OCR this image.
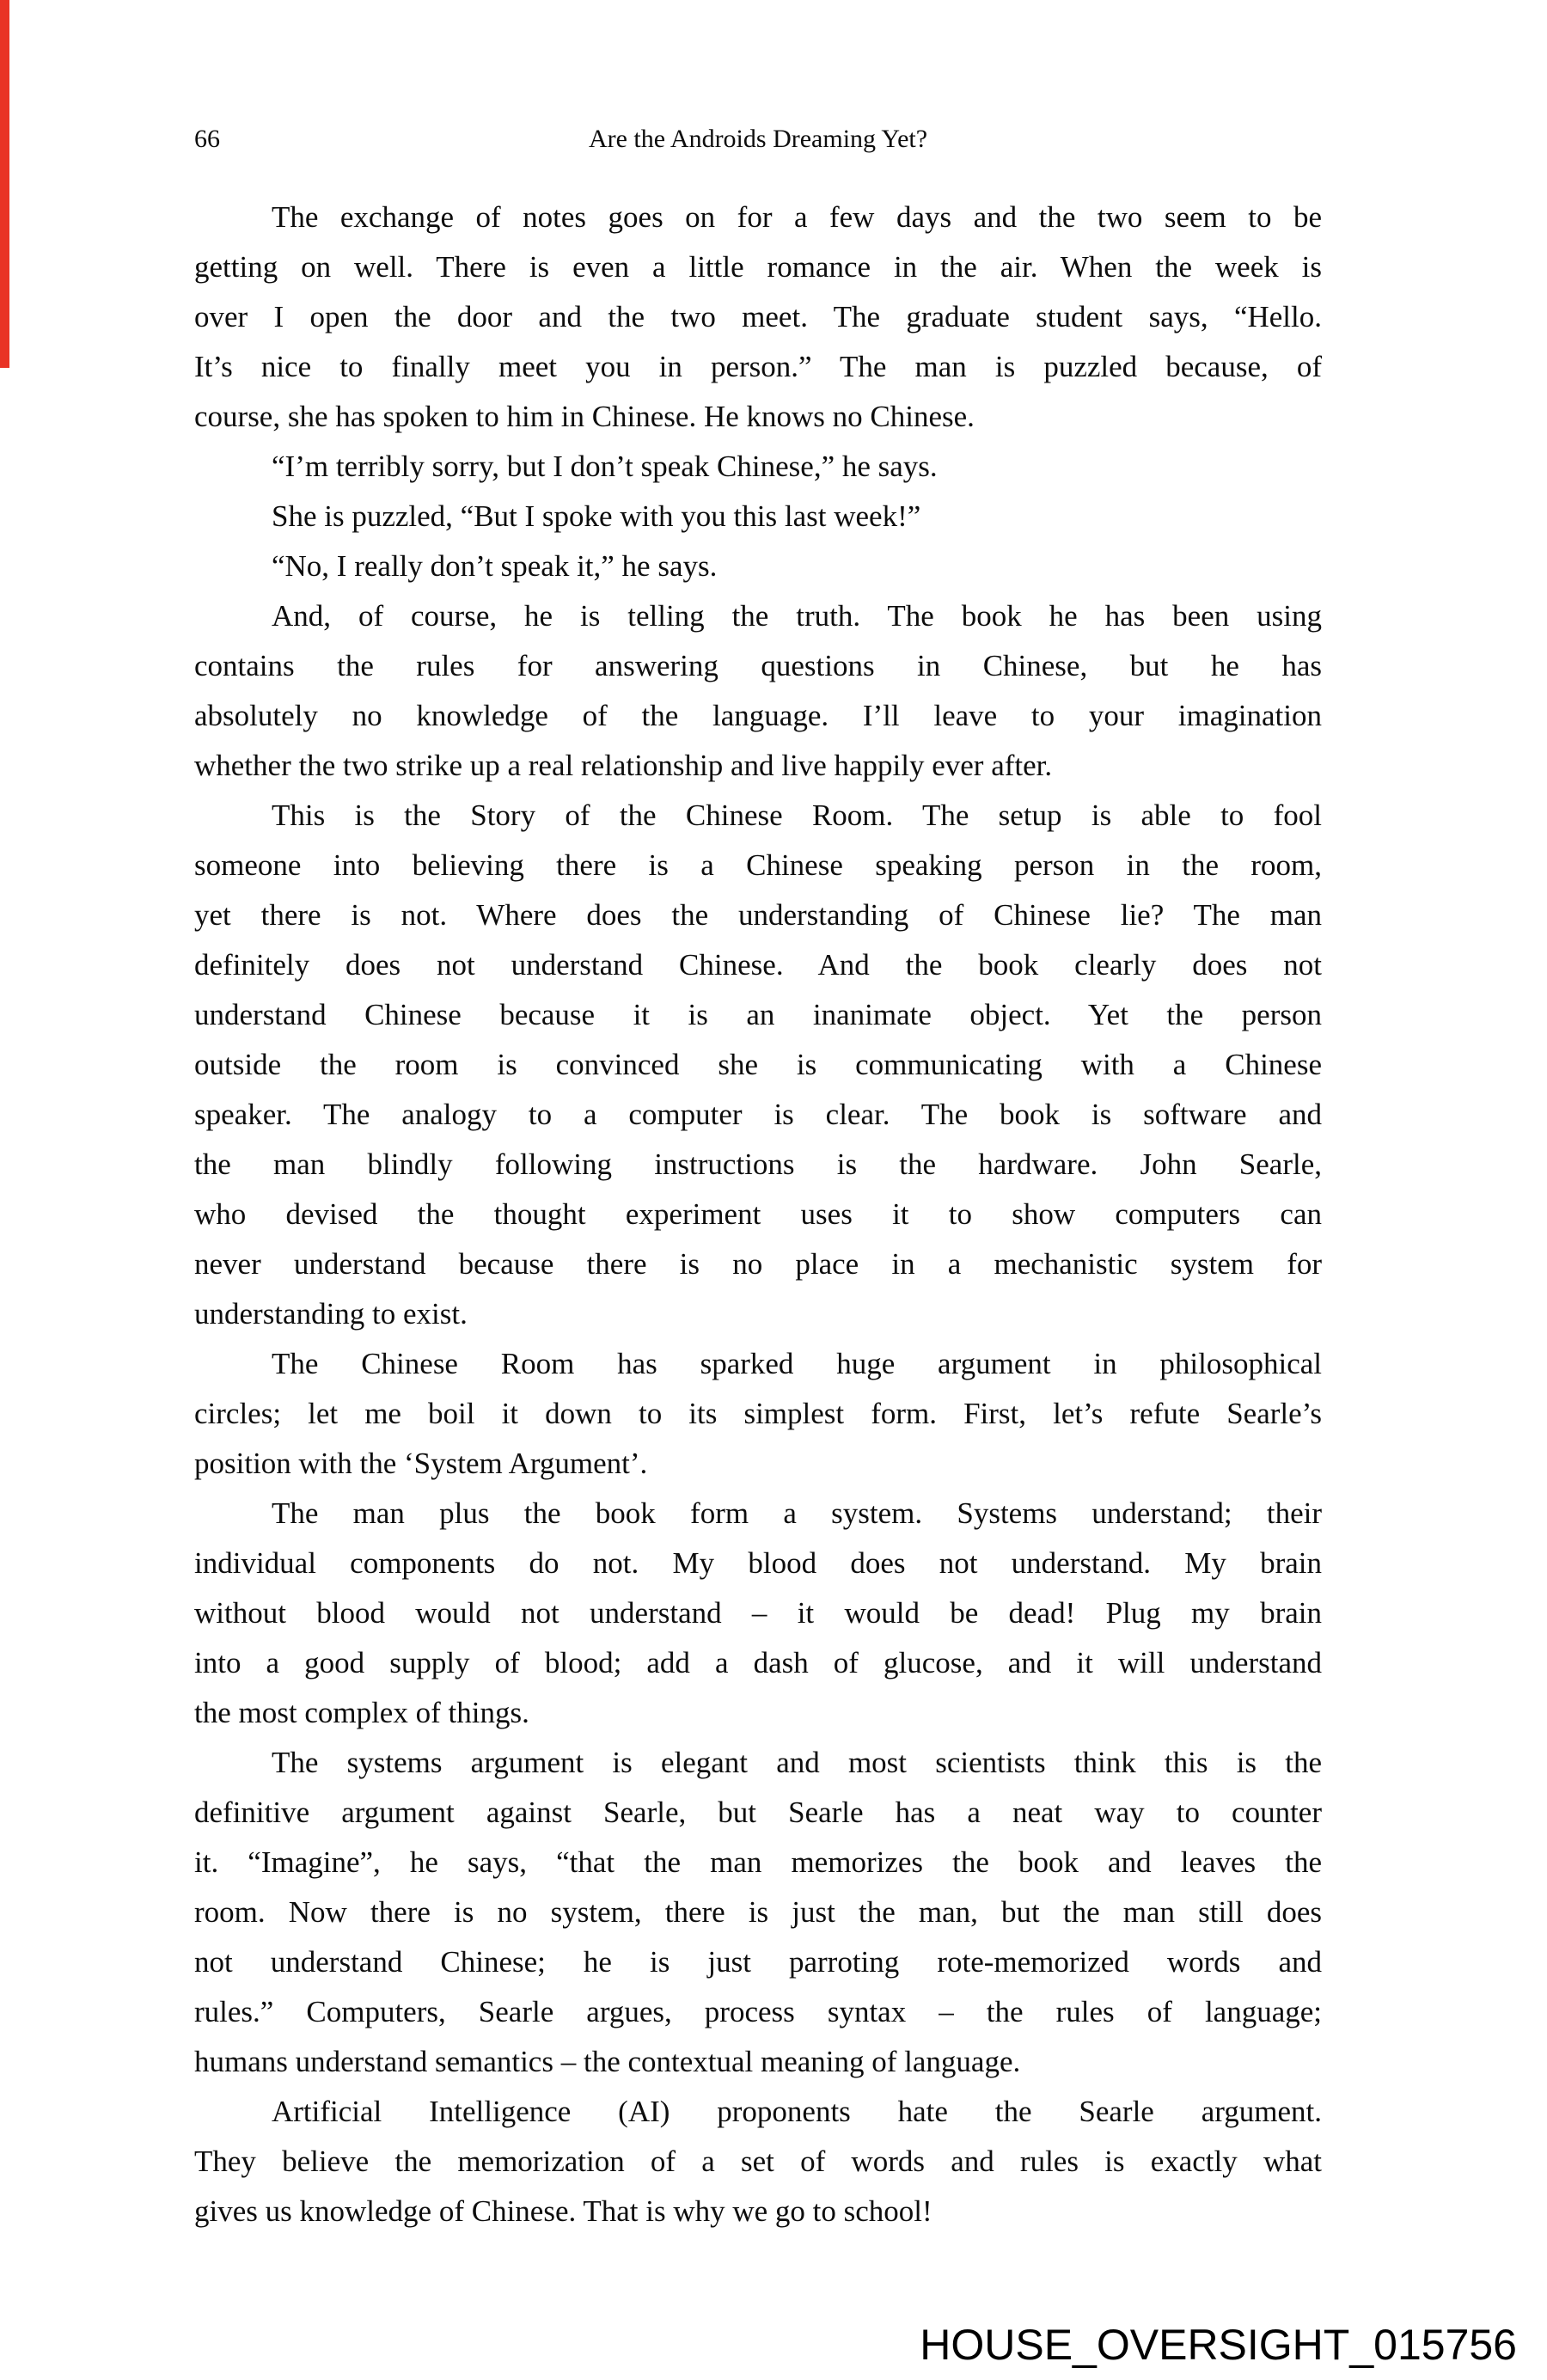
66	Are the Androids Dreaming Yet?
The exchange of notes goes on for a few days and the two seem to be
getting on well. There is even a little romance in the air. When the week is
over I open the door and the two meet. The graduate student says, “Hello.
It’s nice to finally meet you in person.” The man is puzzled because, of
course, she has spoken to him in Chinese. He knows no Chinese.
“I’m terribly sorry, but I don’t speak Chinese,” he says.
She is puzzled, “But I spoke with you this last week!”
“No, I really don’t speak it,” he says.
And, of course, he is telling the truth. The book he has been using
contains the rules for answering questions in Chinese, but he has
absolutely no knowledge of the language. I’ll leave to your imagination
whether the two strike up a real relationship and live happily ever after.
This is the Story of the Chinese Room. The setup is able to fool
someone into believing there is a Chinese speaking person in the room,
yet there is not. Where does the understanding of Chinese lie? The man
definitely does not understand Chinese. And the book clearly does not
understand Chinese because it is an inanimate object. Yet the person
outside the room is convinced she is communicating with a Chinese
speaker. The analogy to a computer is clear. The book is software and
the man blindly following instructions is the hardware. John Searle,
who devised the thought experiment uses it to show computers can
never understand because there is no place in a mechanistic system for
understanding to exist.
The Chinese Room has sparked huge argument in philosophical
circles; let me boil it down to its simplest form. First, let’s refute Searle’s
position with the ‘System Argument’.
The man plus the book form a system. Systems understand; their
individual components do not. My blood does not understand. My brain
without blood would not understand – it would be dead! Plug my brain
into a good supply of blood; add a dash of glucose, and it will understand
the most complex of things.
The systems argument is elegant and most scientists think this is the
definitive argument against Searle, but Searle has a neat way to counter
it. “Imagine”, he says, “that the man memorizes the book and leaves the
room. Now there is no system, there is just the man, but the man still does
not understand Chinese; he is just parroting rote-memorized words and
rules.” Computers, Searle argues, process syntax – the rules of language;
humans understand semantics – the contextual meaning of language.
Artificial Intelligence (AI) proponents hate the Searle argument.
They believe the memorization of a set of words and rules is exactly what
gives us knowledge of Chinese. That is why we go to school!
HOUSE_OVERSIGHT_015756
